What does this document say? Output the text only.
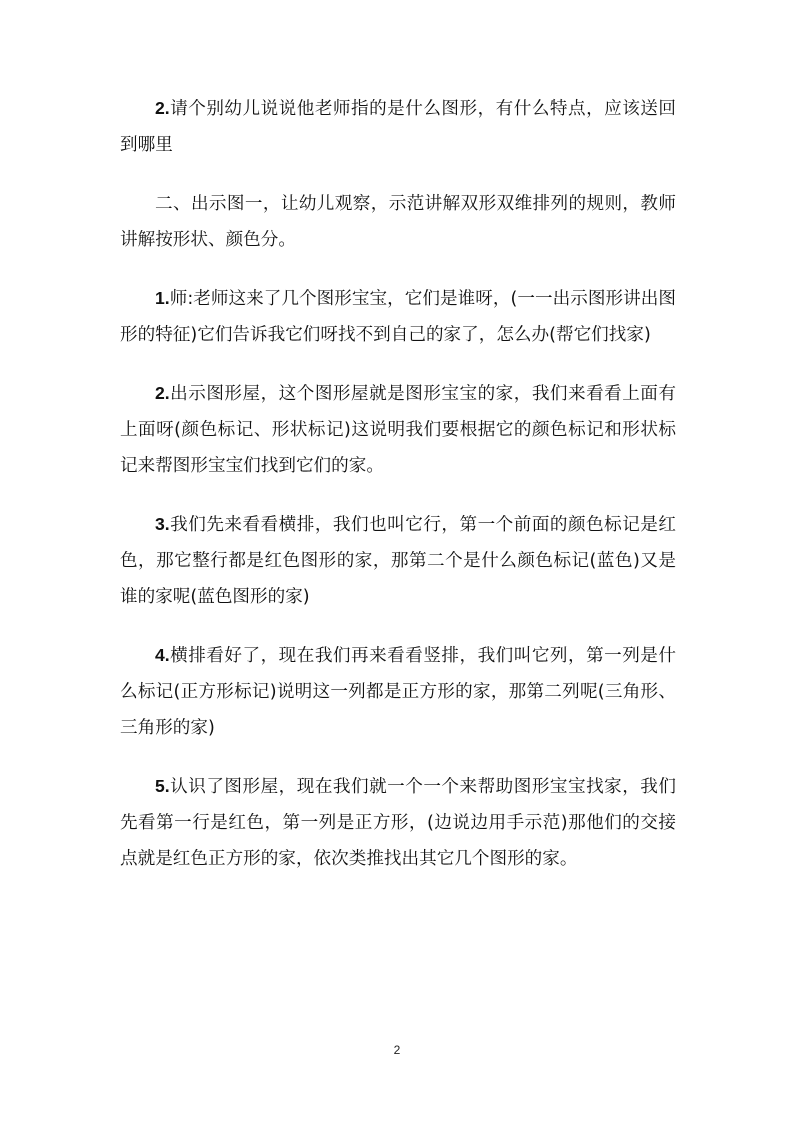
2.请个别幼儿说说他老师指的是什么图形，有什么特点，应该送回到哪里

二、出示图一，让幼儿观察，示范讲解双形双维排列的规则，教师讲解按形状、颜色分。

1.师:老师这来了几个图形宝宝，它们是谁呀，(一一出示图形讲出图形的特征)它们告诉我它们呀找不到自己的家了，怎么办(帮它们找家)

2.出示图形屋，这个图形屋就是图形宝宝的家，我们来看看上面有上面呀(颜色标记、形状标记)这说明我们要根据它的颜色标记和形状标记来帮图形宝宝们找到它们的家。

3.我们先来看看横排，我们也叫它行，第一个前面的颜色标记是红色，那它整行都是红色图形的家，那第二个是什么颜色标记(蓝色)又是谁的家呢(蓝色图形的家)

4.横排看好了，现在我们再来看看竖排，我们叫它列，第一列是什么标记(正方形标记)说明这一列都是正方形的家，那第二列呢(三角形、三角形的家)

5.认识了图形屋，现在我们就一个一个来帮助图形宝宝找家，我们先看第一行是红色，第一列是正方形，(边说边用手示范)那他们的交接点就是红色正方形的家，依次类推找出其它几个图形的家。

2
